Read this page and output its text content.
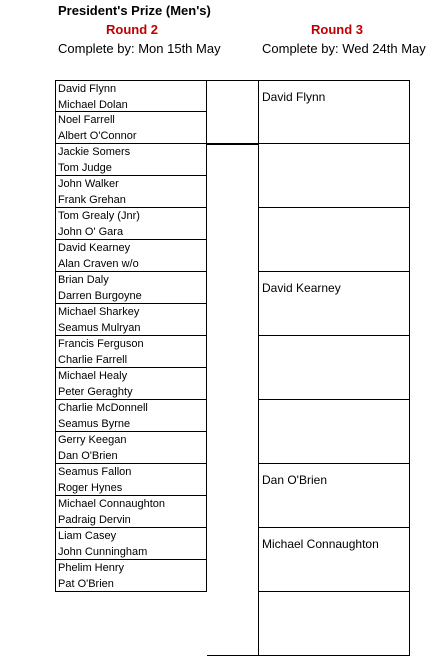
President's Prize (Men's)
Round 2	Round 3
Complete by: Mon 15th May	Complete by: Wed 24th May
David Flynn
Michael Dolan
Noel Farrell
Albert O'Connor
Jackie Somers
Tom Judge
John Walker
Frank Grehan
Tom Grealy (Jnr)
John O' Gara
David Kearney
Alan Craven w/o
Brian Daly
Darren Burgoyne
Michael Sharkey
Seamus Mulryan
Francis Ferguson
Charlie Farrell
Michael Healy
Peter Geraghty
Charlie McDonnell
Seamus Byrne
Gerry Keegan
Dan O'Brien
Seamus Fallon
Roger Hynes
Michael Connaughton
Padraig Dervin
Liam Casey
John Cunningham
Phelim Henry
Pat O'Brien
David Flynn
David Kearney
Dan O'Brien
Michael Connaughton
